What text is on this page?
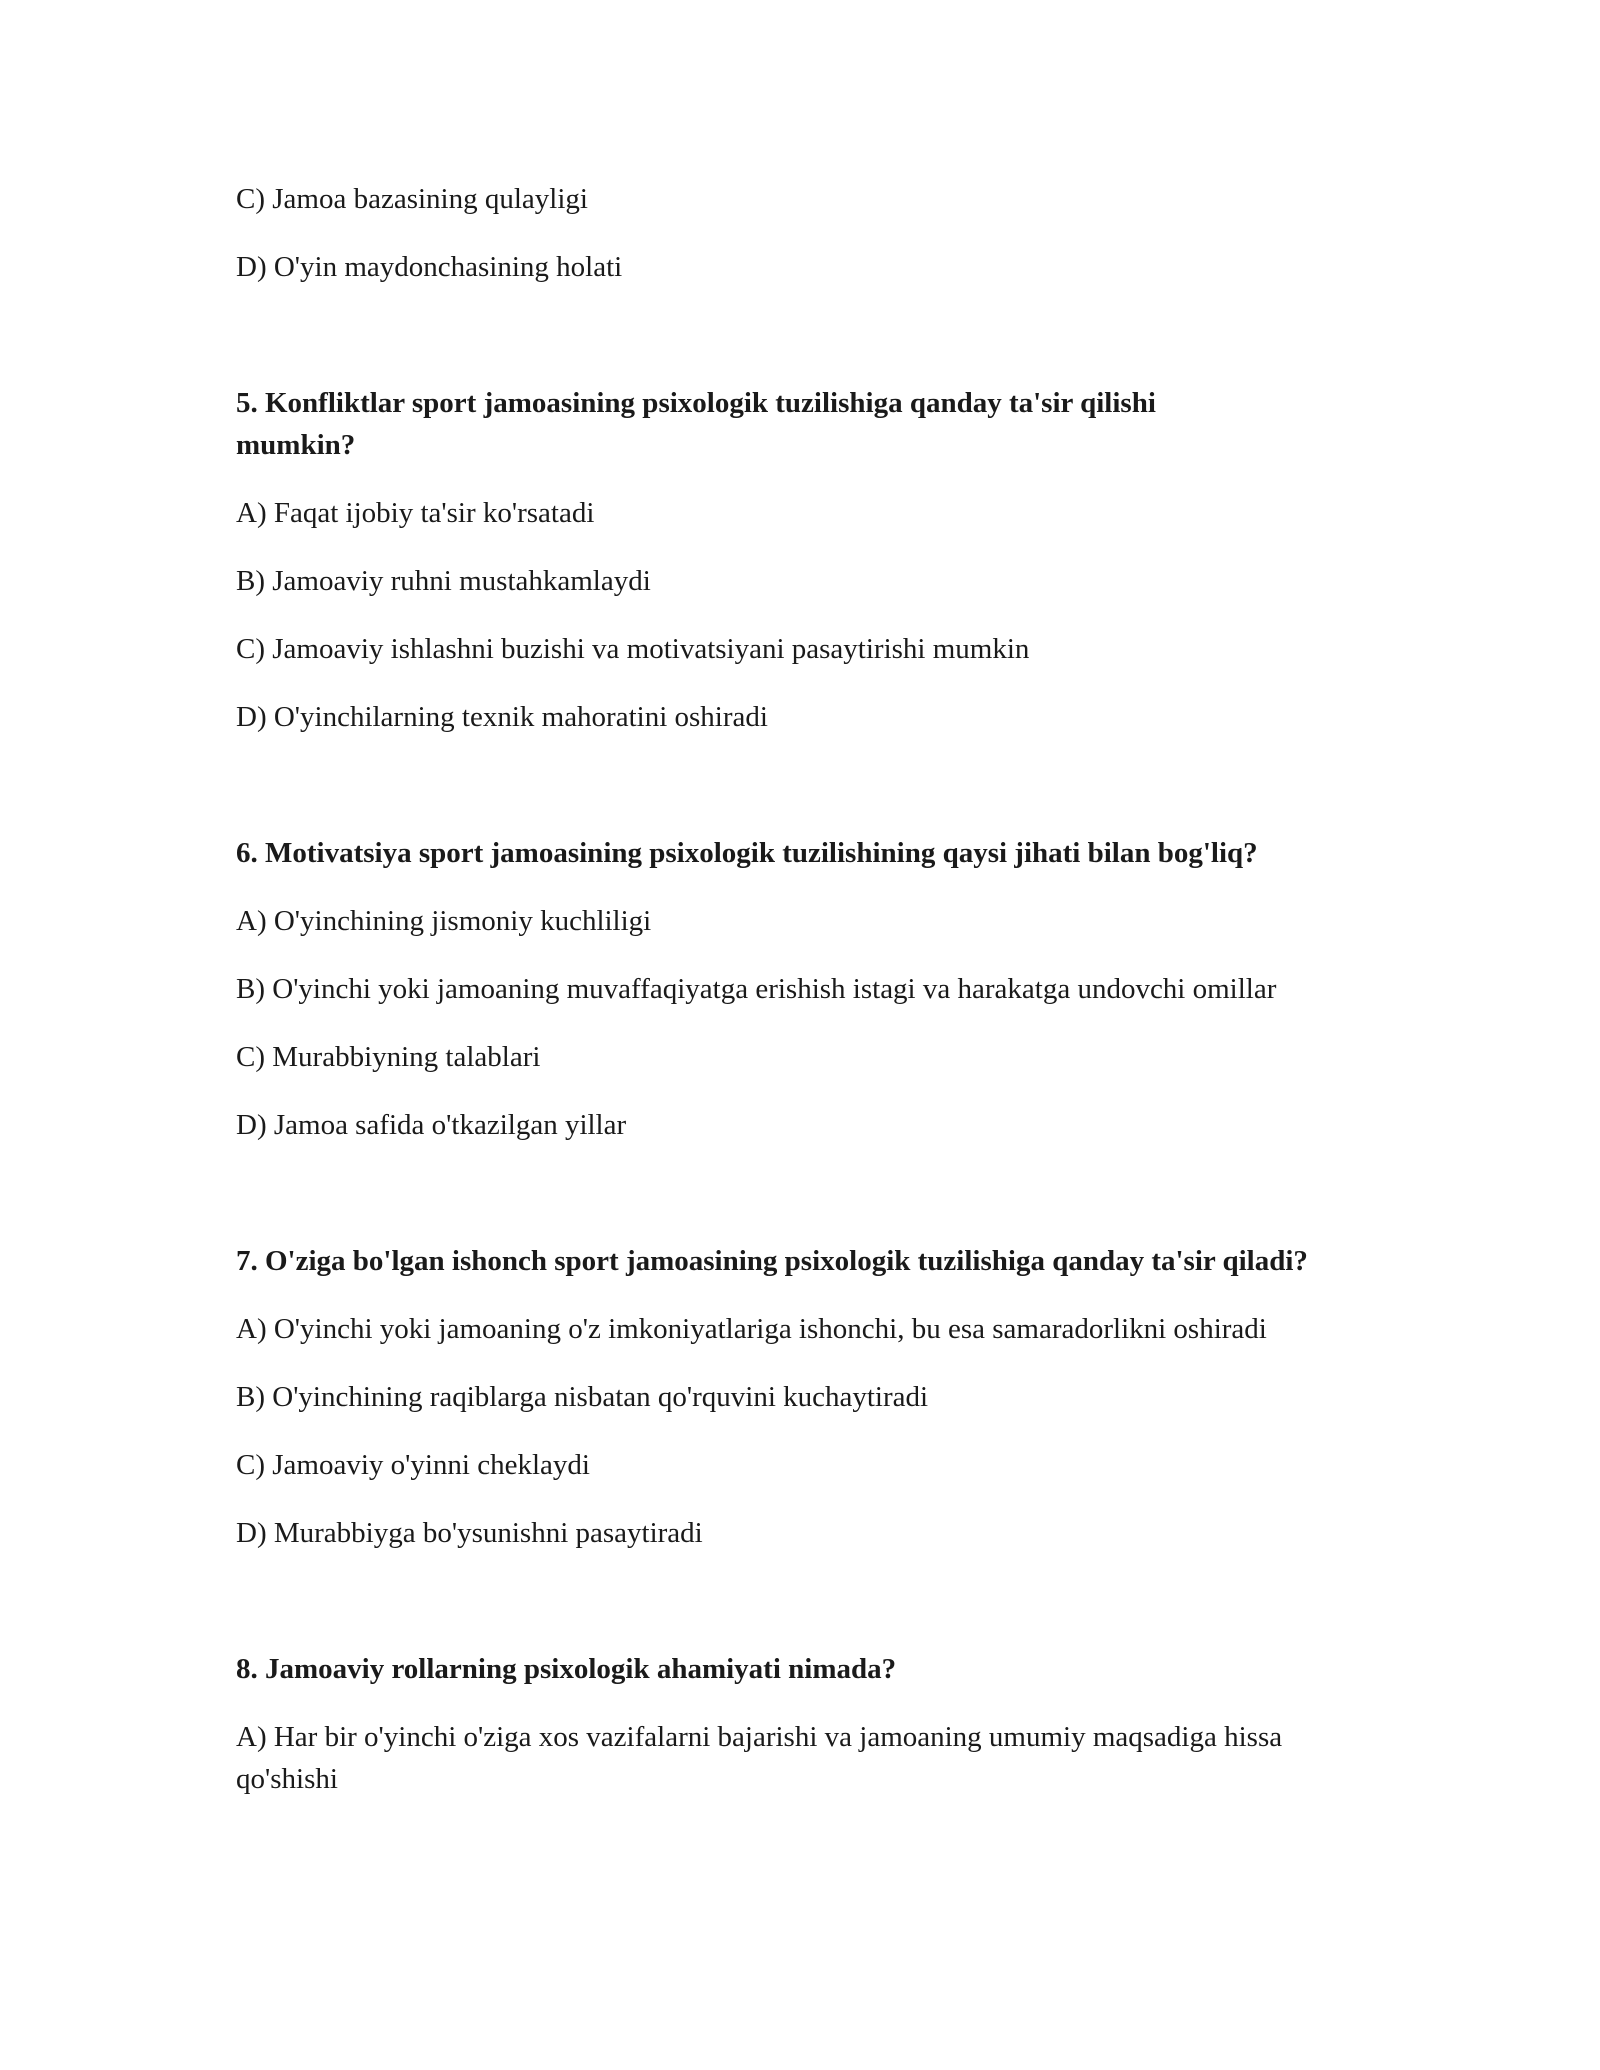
C) Jamoa bazasining qulayligi

D) O'yin maydonchasining holati

5. Konfliktlar sport jamoasining psixologik tuzilishiga qanday ta'sir qilishi mumkin?

A) Faqat ijobiy ta'sir ko'rsatadi

B) Jamoaviy ruhni mustahkamlaydi

C) Jamoaviy ishlashni buzishi va motivatsiyani pasaytirishi mumkin

D) O'yinchilarning texnik mahoratini oshiradi

6. Motivatsiya sport jamoasining psixologik tuzilishining qaysi jihati bilan bog'liq?

A) O'yinchining jismoniy kuchliligi

B) O'yinchi yoki jamoaning muvaffaqiyatga erishish istagi va harakatga undovchi omillar

C) Murabbiyning talablari

D) Jamoa safida o'tkazilgan yillar

7. O'ziga bo'lgan ishonch sport jamoasining psixologik tuzilishiga qanday ta'sir qiladi?

A) O'yinchi yoki jamoaning o'z imkoniyatlariga ishonchi, bu esa samaradorlikni oshiradi

B) O'yinchining raqiblarga nisbatan qo'rquvini kuchaytiradi

C) Jamoaviy o'yinni cheklaydi

D) Murabbiyga bo'ysunishni pasaytiradi

8. Jamoaviy rollarning psixologik ahamiyati nimada?

A) Har bir o'yinchi o'ziga xos vazifalarni bajarishi va jamoaning umumiy maqsadiga hissa qo'shishi
